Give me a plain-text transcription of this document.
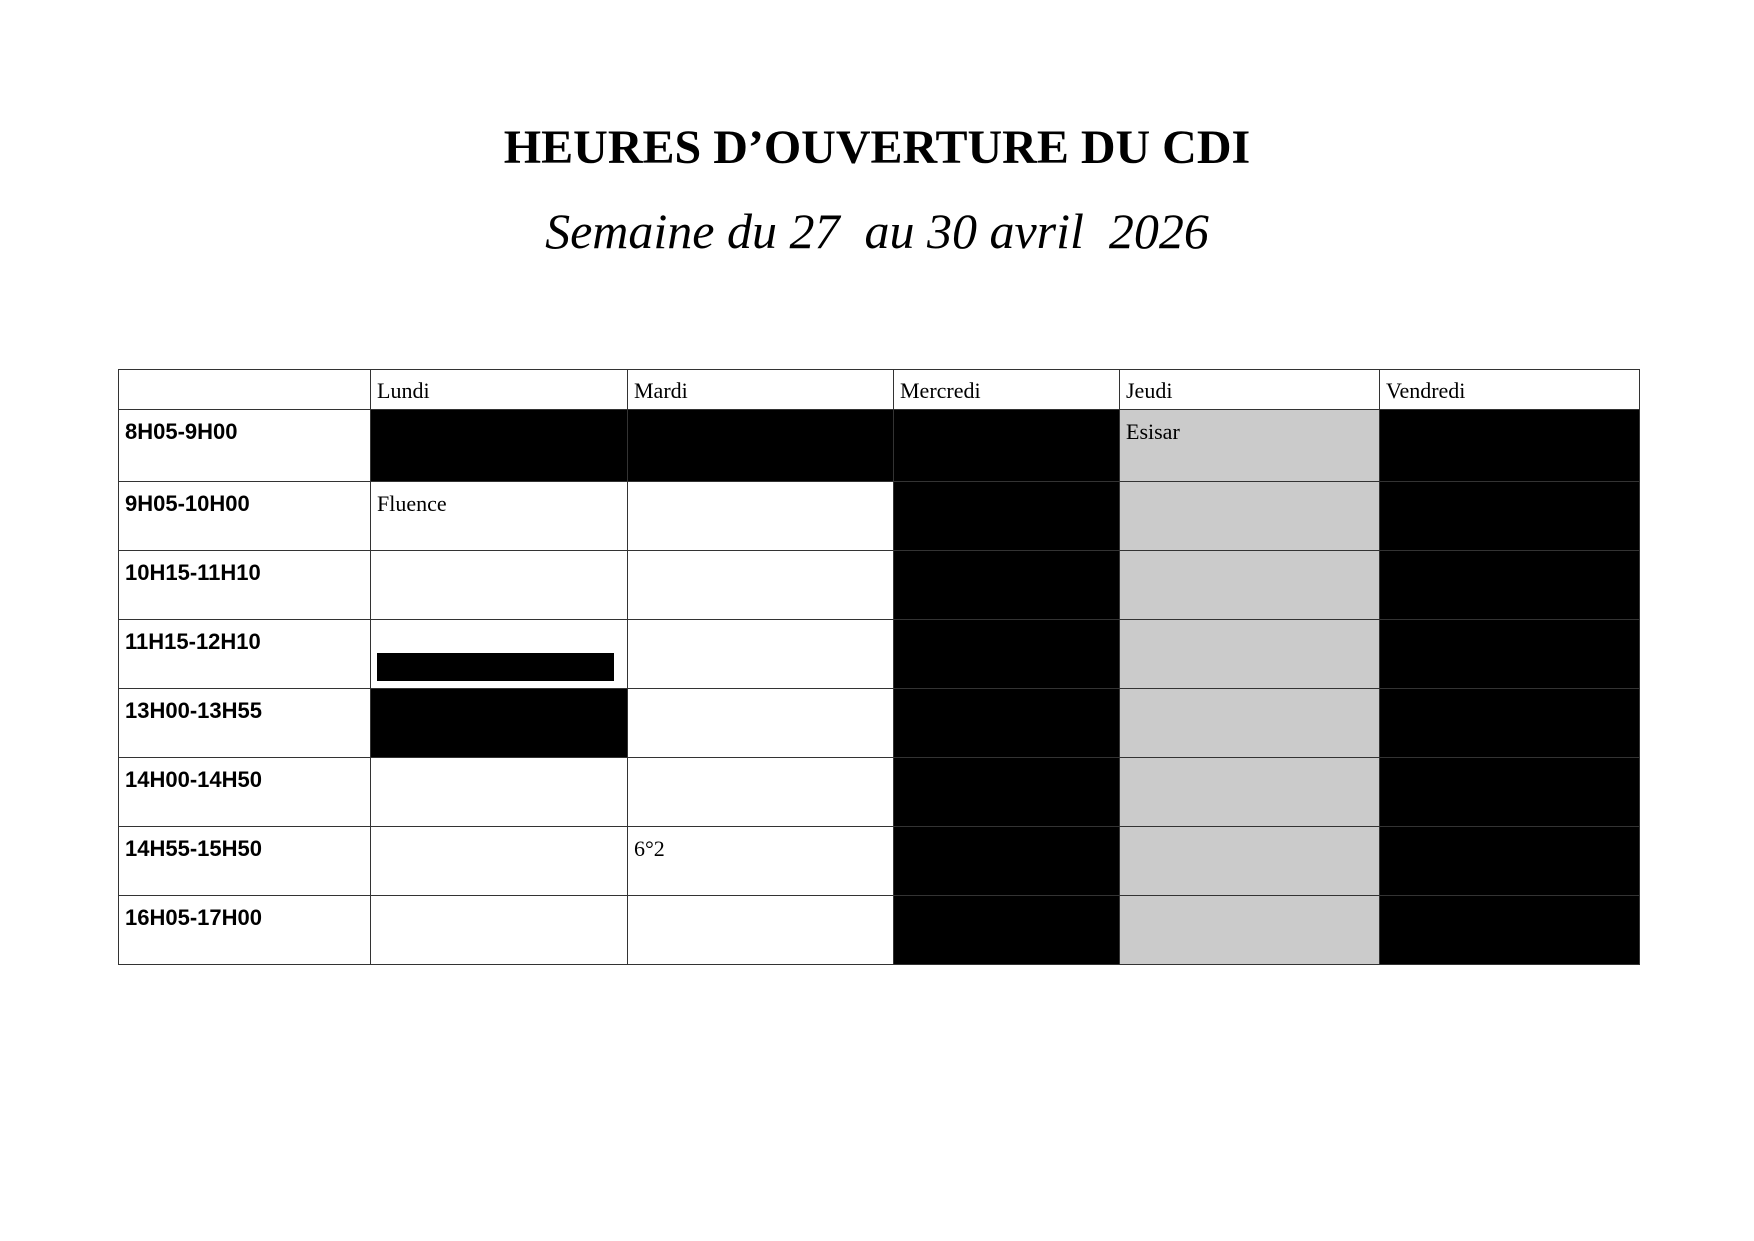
HEURES D’OUVERTURE DU CDI

Semaine du 27  au 30 avril  2026

	Lundi	Mardi	Mercredi	Jeudi	Vendredi
8H05-9H00				Esisar	
9H05-10H00	Fluence				
10H15-11H10					
11H15-12H10	

13H00-13H55					
14H00-14H50					
14H55-15H50		6°2			
16H05-17H00					
